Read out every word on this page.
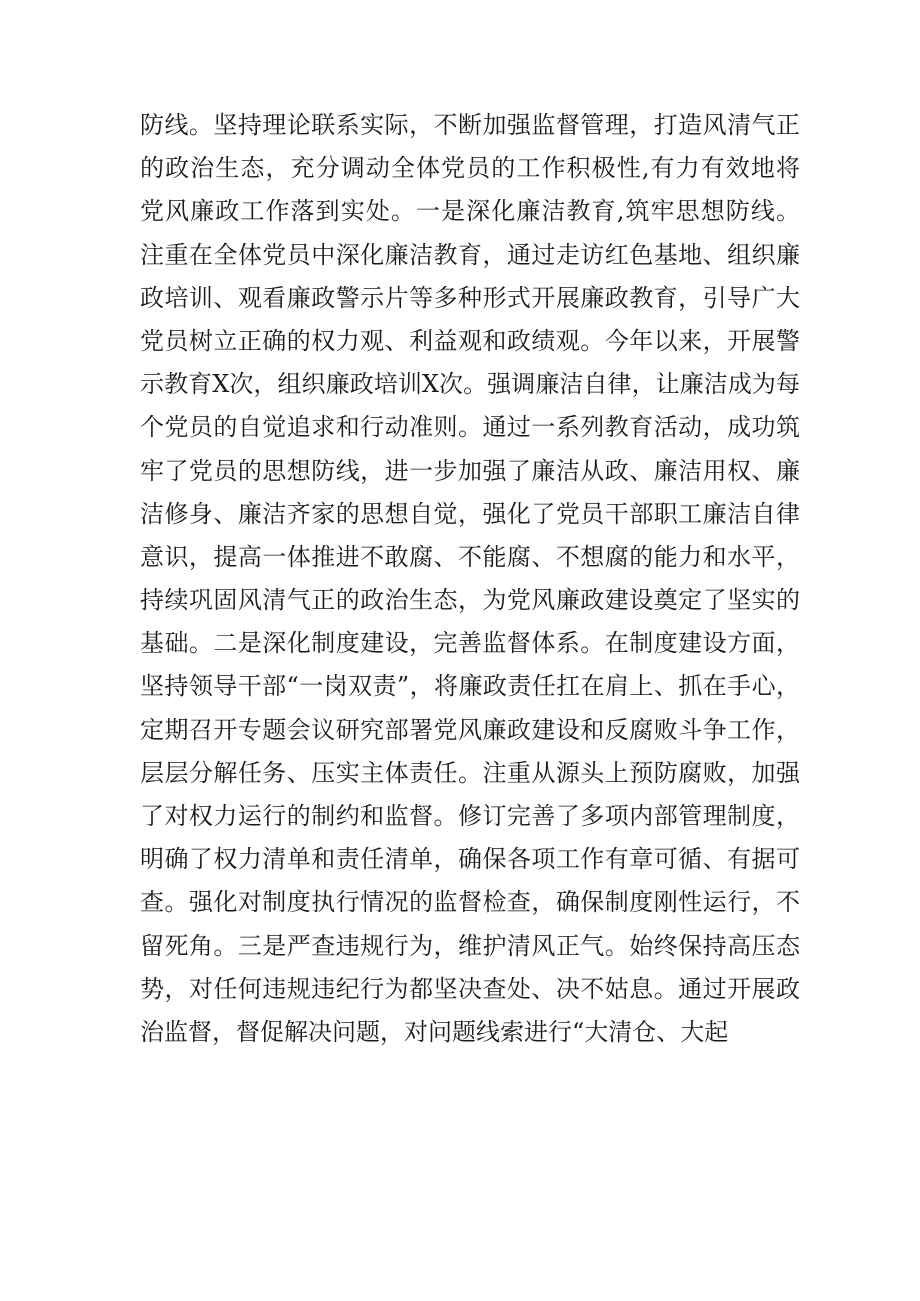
防线。坚持理论联系实际，不断加强监督管理，打造风清气正
的政治生态，充分调动全体党员的工作积极性,有力有效地将
党风廉政工作落到实处。一是深化廉洁教育,筑牢思想防线。
注重在全体党员中深化廉洁教育，通过走访红色基地、组织廉
政培训、观看廉政警示片等多种形式开展廉政教育，引导广大
党员树立正确的权力观、利益观和政绩观。今年以来，开展警
示教育X次，组织廉政培训X次。强调廉洁自律，让廉洁成为每
个党员的自觉追求和行动准则。通过一系列教育活动，成功筑
牢了党员的思想防线，进一步加强了廉洁从政、廉洁用权、廉
洁修身、廉洁齐家的思想自觉，强化了党员干部职工廉洁自律
意识，提高一体推进不敢腐、不能腐、不想腐的能力和水平，
持续巩固风清气正的政治生态，为党风廉政建设奠定了坚实的
基础。二是深化制度建设，完善监督体系。在制度建设方面，
坚持领导干部“一岗双责”，将廉政责任扛在肩上、抓在手心，
定期召开专题会议研究部署党风廉政建设和反腐败斗争工作，
层层分解任务、压实主体责任。注重从源头上预防腐败，加强
了对权力运行的制约和监督。修订完善了多项内部管理制度，
明确了权力清单和责任清单，确保各项工作有章可循、有据可
查。强化对制度执行情况的监督检查，确保制度刚性运行，不
留死角。三是严查违规行为，维护清风正气。始终保持高压态
势，对任何违规违纪行为都坚决查处、决不姑息。通过开展政
治监督，督促解决问题，对问题线索进行“大清仓、大起
